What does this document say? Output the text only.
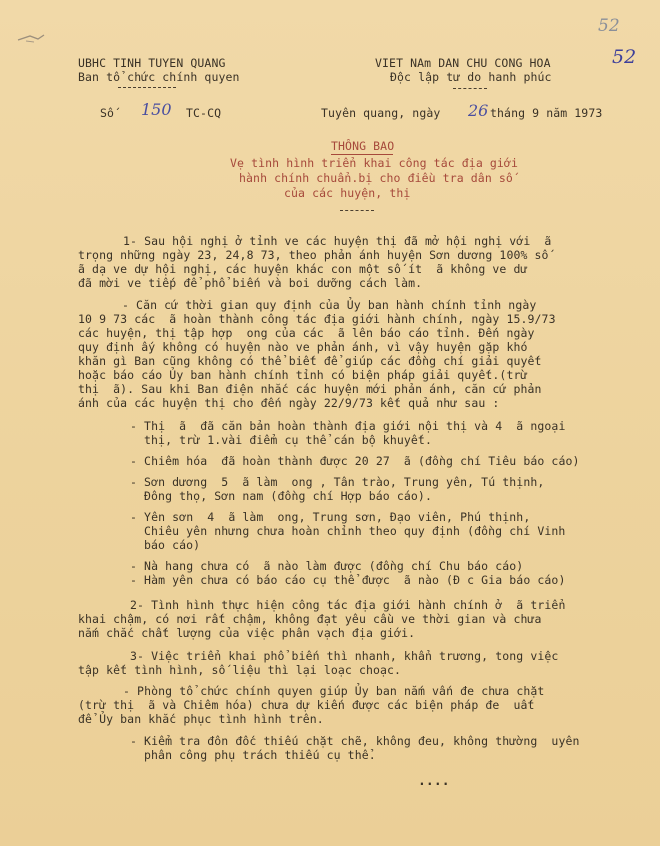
52
52
UBHC TINH TUYEN QUANG
Ban tổ chức chính quyen
VIET NAm DAN CHU CONG HOA
Độc lập tư do hanh phúc
Số 150 TC-CQ	Tuyên quang, ngày 26 tháng 9 năm 1973
THÔNG BAO
Vẹ tình hình triển khai công tác địa giới
hành chính chuẩn.bị cho điều tra dân số
của các huyện, thị
1- Sau hội nghị ở tỉnh ve các huyện thị đã mở hội nghị với  ã
trọng những ngày 23, 24,8 73, theo phản ánh huyện Sơn dương 100% số
ã dạ ve dự hội nghị, các huyện khác con một số ít  ã không ve dư
đã mời ve tiếp để phổ biến và boi dưỡng cách làm.
- Căn cứ thời gian quy định của Ủy ban hành chính tỉnh ngày
10 9 73 các  ã hoàn thành công tác địa giới hành chính, ngày 15.9/73
các huyện, thị tập hợp  ong của các  ã lên báo cáo tỉnh. Đến ngày
quy định ấy không có huyện nào ve phản ánh, vì vậy huyện gặp khó
khăn gì Ban cũng không có thể biết để giúp các đồng chí giải quyết
hoặc báo cáo Ủy ban hành chính tỉnh có biện pháp giải quyết.(trừ
thị  ã). Sau khi Ban điện nhắc các huyện mới phản ánh, căn cứ phản
ánh của các huyện thị cho đến ngày 22/9/73 kết quả như sau :
- Thị  ã  đã căn bản hoàn thành địa giới nội thị và 4  ã ngoại
thị, trừ 1.vài điểm cụ thể cán bộ khuyết.
- Chiêm hóa  đã hoàn thành được 20 27  ã (đồng chí Tiêu báo cáo)
- Sơn dương  5  ã làm  ong , Tân trào, Trung yên, Tú thịnh,
Đông thọ, Sơn nam (đồng chí Hợp báo cáo).
- Yên sơn  4  ã làm  ong, Trung sơn, Đạo viên, Phú thịnh,
Chiêu yên nhưng chưa hoàn chỉnh theo quy định (đồng chí Vinh
báo cáo)
- Nà hang chưa có  ã nào làm được (đồng chí Chu báo cáo)
- Hàm yên chưa có báo cáo cụ thể được  ã nào (Đ c Gia báo cáo)
2- Tình hình thực hiện công tác địa giới hành chính ở  ã triển
khai chậm, có nơi rất chậm, không đạt yêu cầu ve thời gian và chưa
nắm chắc chất lượng của việc phân vạch địa giới.
3- Việc triển khai phổ biến thì nhanh, khẩn trương, tong việc
tập kết tình hình, số liệu thì lại loạc choạc.
- Phòng tổ chức chính quyen giúp Ủy ban nắm vấn đe chưa chặt
(trừ thị  ã và Chiêm hóa) chưa dự kiến được các biện pháp đe  uất
để Ủy ban khắc phục tình hình trên.
- Kiểm tra đôn đốc thiếu chặt chẽ, không đeu, không thường  uyên
phân công phụ trách thiếu cụ thể.
....
